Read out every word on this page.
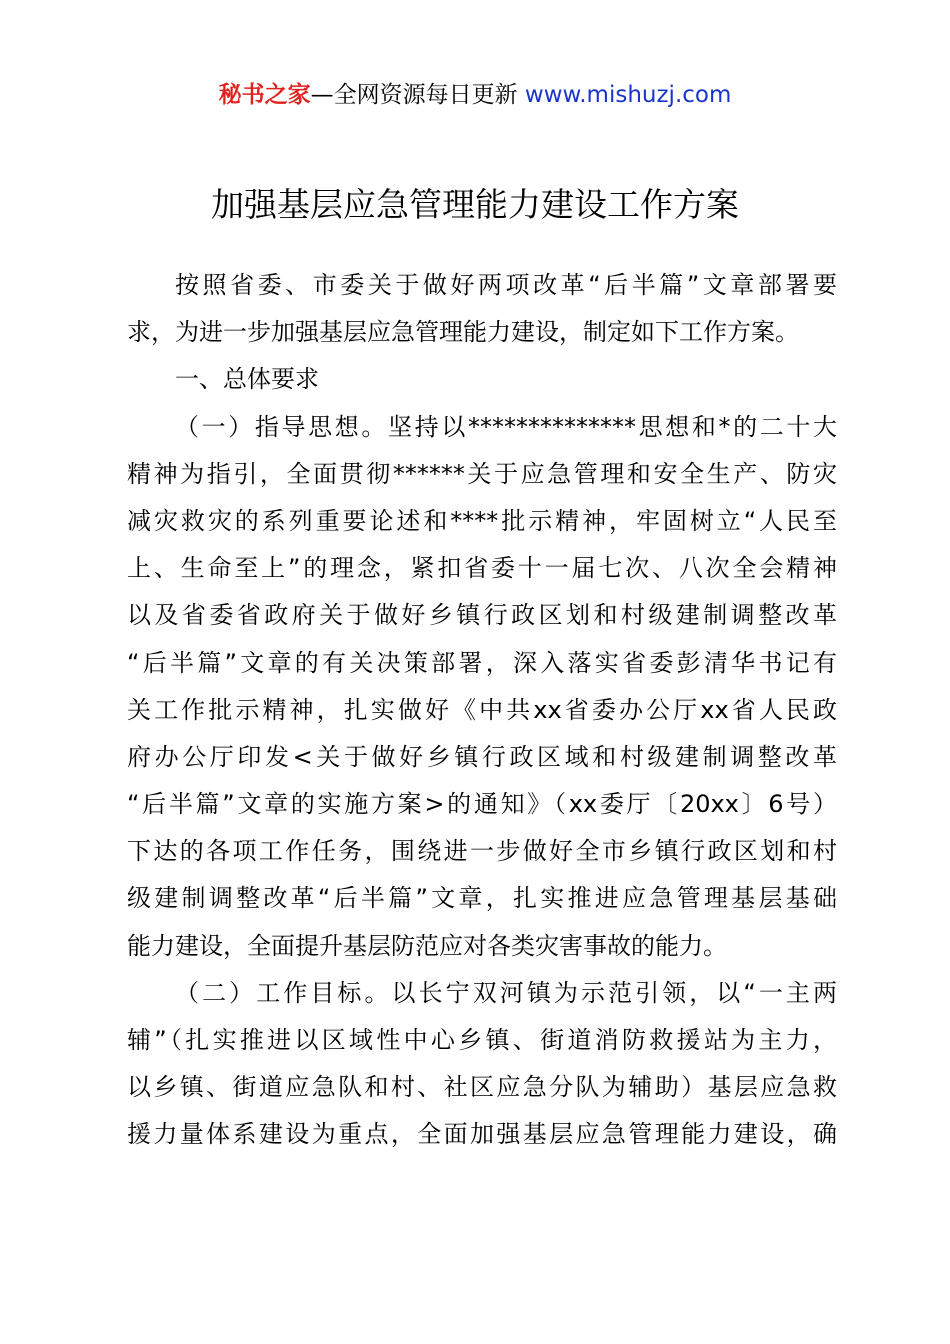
秘书之家—全网资源每日更新 www.mishuzj.com
加强基层应急管理能力建设工作方案
按照省委、市委关于做好两项改革“后半篇”文章部署要
求，为进一步加强基层应急管理能力建设，制定如下工作方案。
一、总体要求
（一）指导思想。坚持以**************思想和*的二十大
精神为指引，全面贯彻******关于应急管理和安全生产、防灾
减灾救灾的系列重要论述和****批示精神，牢固树立“人民至
上、生命至上”的理念，紧扣省委十一届七次、八次全会精神
以及省委省政府关于做好乡镇行政区划和村级建制调整改革
“后半篇”文章的有关决策部署，深入落实省委彭清华书记有
关工作批示精神，扎实做好《中共xx省委办公厅xx省人民政
府办公厅印发<关于做好乡镇行政区域和村级建制调整改革
“后半篇”文章的实施方案>的通知》（xx委厅〔20xx〕6号）
下达的各项工作任务，围绕进一步做好全市乡镇行政区划和村
级建制调整改革“后半篇”文章，扎实推进应急管理基层基础
能力建设，全面提升基层防范应对各类灾害事故的能力。
（二）工作目标。以长宁双河镇为示范引领，以“一主两
辅”（扎实推进以区域性中心乡镇、街道消防救援站为主力，
以乡镇、街道应急队和村、社区应急分队为辅助）基层应急救
援力量体系建设为重点，全面加强基层应急管理能力建设，确
